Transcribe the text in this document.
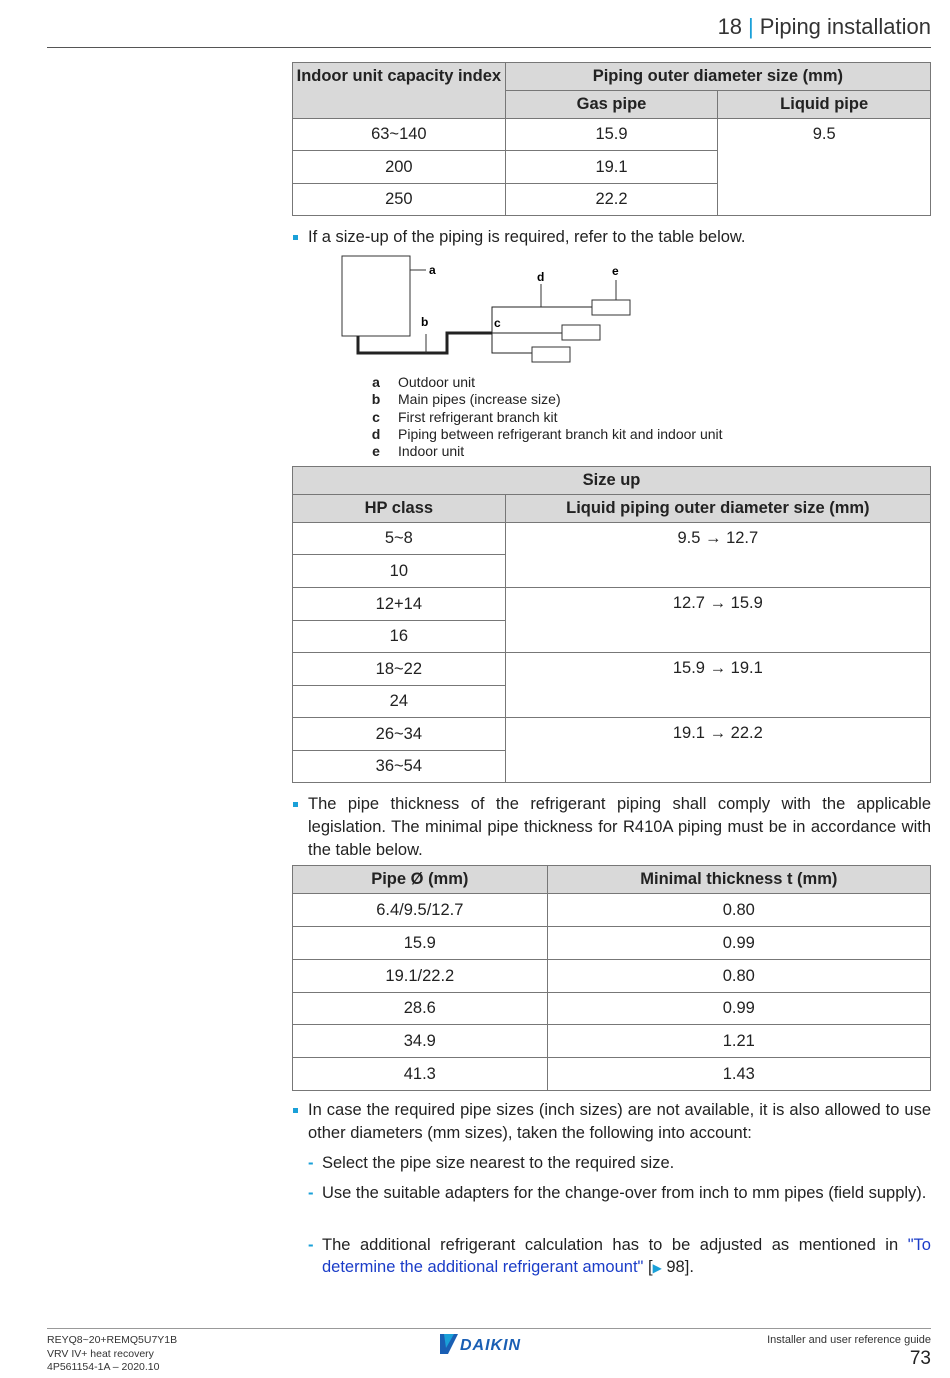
18 | Piping installation
Indoor unit capacity index	Piping outer diameter size (mm)	
	Gas pipe	Liquid pipe
63~140	15.9	9.5
200	19.1	
250	22.2	
If a size-up of the piping is required, refer to the table below.
a
b	c
d	e
a Outdoor unit
b Main pipes (increase size)
c First refrigerant branch kit
d Piping between refrigerant branch kit and indoor unit
e Indoor unit
Size up	
HP class	Liquid piping outer diameter size (mm)
5~8	9.5 → 12.7
10	
12+14	12.7 → 15.9
16	
18~22	15.9 → 19.1
24	
26~34	19.1 → 22.2
36~54	
The pipe thickness of the refrigerant piping shall comply with the applicable legislation. The minimal pipe thickness for R410A piping must be in accordance with the table below.
Pipe Ø (mm)	Minimal thickness t (mm)
6.4/9.5/12.7	0.80
15.9	0.99
19.1/22.2	0.80
28.6	0.99
34.9	1.21
41.3	1.43
In case the required pipe sizes (inch sizes) are not available, it is also allowed to use other diameters (mm sizes), taken the following into account:
- Select the pipe size nearest to the required size.
- Use the suitable adapters for the change-over from inch to mm pipes (field supply).
- The additional refrigerant calculation has to be adjusted as mentioned in "To determine the additional refrigerant amount" [▶ 98].
REYQ8~20+REMQ5U7Y1B
VRV IV+ heat recovery
4P561154-1A – 2020.10
DAIKIN	Installer and user reference guide
73
